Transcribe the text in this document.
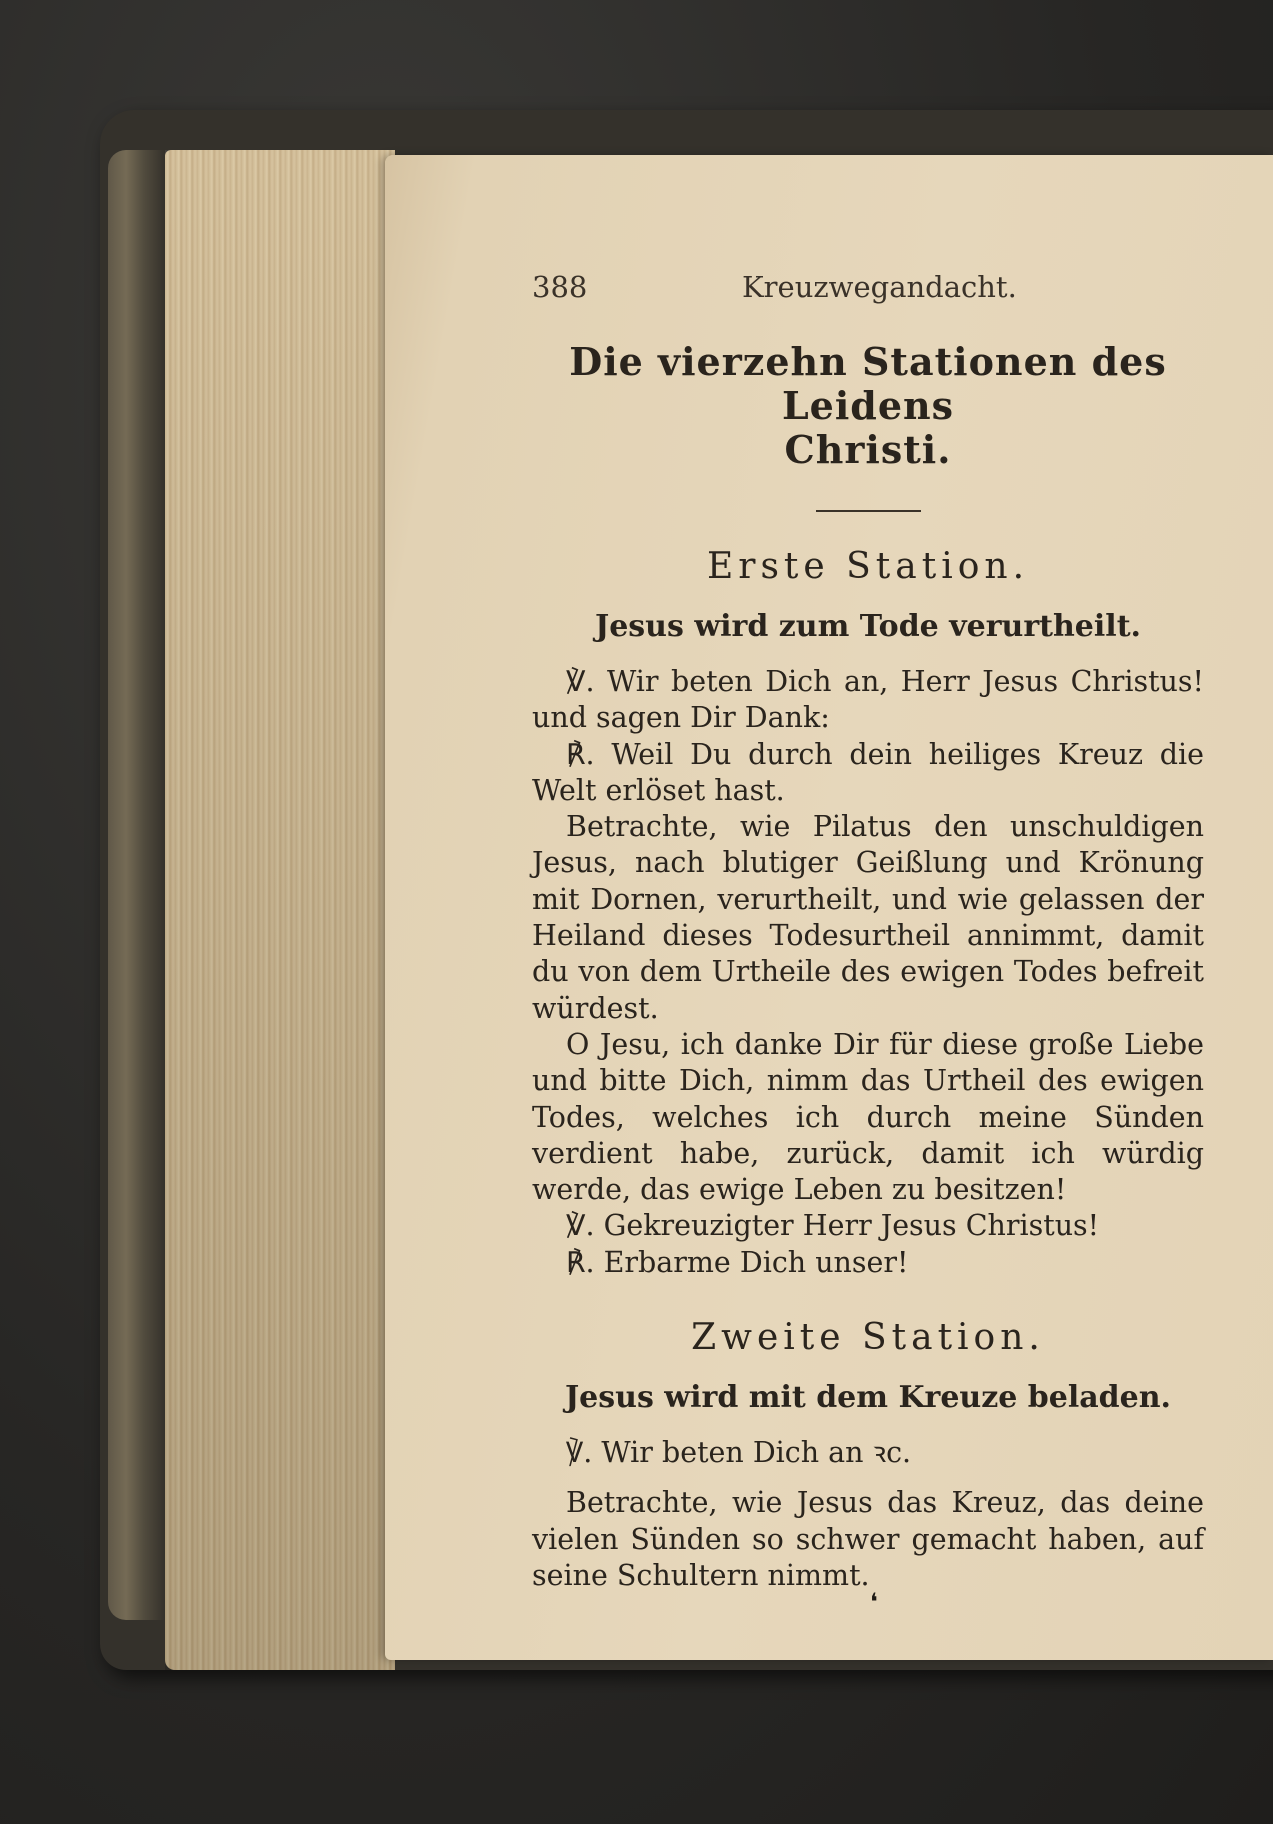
388	Kreuzwegandacht.

Die vierzehn Stationen des Leidens

Christi.

Erste Station.

Jesus wird zum Tode verurtheilt.

℣. Wir beten Dich an, Herr Jesus Christus! und sagen Dir Dank:

℟. Weil Du durch dein heiliges Kreuz die Welt erlöset hast.

Betrachte, wie Pilatus den unschuldigen Jesus, nach blutiger Geißlung und Krönung mit Dornen, verurtheilt, und wie gelassen der Heiland dieses Todesurtheil annimmt, damit du von dem Urtheile des ewigen Todes befreit würdest.

O Jesu, ich danke Dir für diese große Liebe und bitte Dich, nimm das Urtheil des ewigen Todes, welches ich durch meine Sünden verdient habe, zurück, damit ich würdig werde, das ewige Leben zu besitzen!

℣. Gekreuzigter Herr Jesus Christus!

℟. Erbarme Dich unser!

Zweite Station.

Jesus wird mit dem Kreuze beladen.

℣. Wir beten Dich an ꝛc.

Betrachte, wie Jesus das Kreuz, das deine vielen Sünden so schwer gemacht haben, auf seine Schultern nimmt.

❛
